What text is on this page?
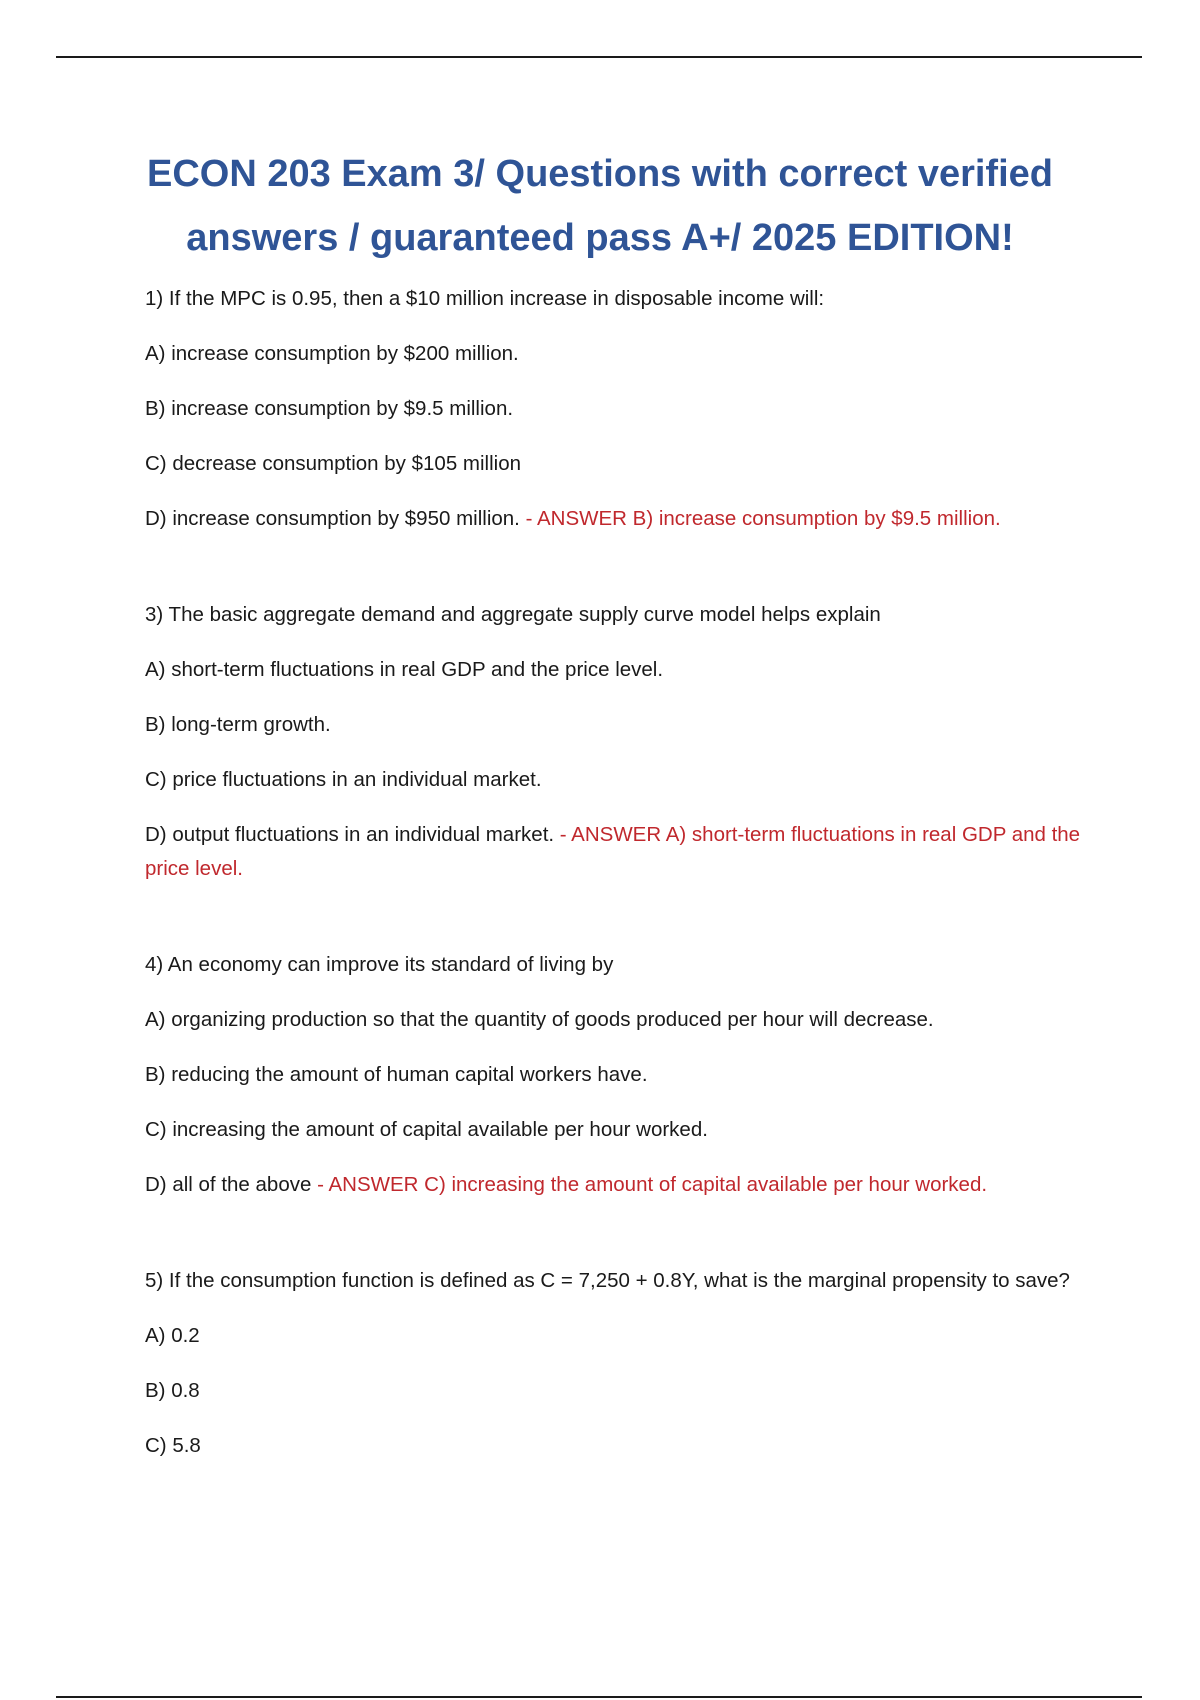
ECON 203 Exam 3/ Questions with correct verified
answers / guaranteed pass A+/ 2025 EDITION!

1) If the MPC is 0.95, then a $10 million increase in disposable income will:

A) increase consumption by $200 million.

B) increase consumption by $9.5 million.

C) decrease consumption by $105 million

D) increase consumption by $950 million. - ANSWER B) increase consumption by $9.5 million.

3) The basic aggregate demand and aggregate supply curve model helps explain

A) short-term fluctuations in real GDP and the price level.

B) long-term growth.

C) price fluctuations in an individual market.

D) output fluctuations in an individual market. - ANSWER A) short-term fluctuations in real GDP and the price level.

4) An economy can improve its standard of living by

A) organizing production so that the quantity of goods produced per hour will decrease.

B) reducing the amount of human capital workers have.

C) increasing the amount of capital available per hour worked.

D) all of the above - ANSWER C) increasing the amount of capital available per hour worked.

5) If the consumption function is defined as C = 7,250 + 0.8Y, what is the marginal propensity to save?

A) 0.2

B) 0.8

C) 5.8
